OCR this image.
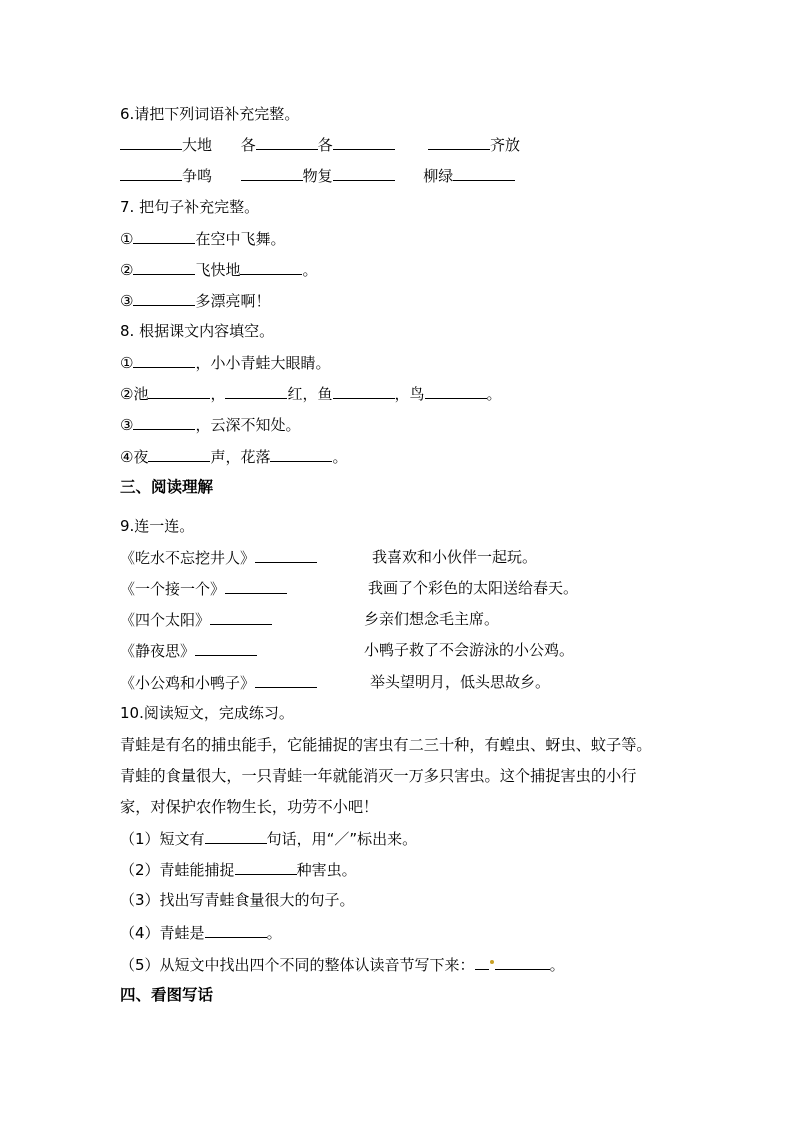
6.请把下列词语补充完整。
大地 各	各	齐放
争鸣	物复	柳绿
7. 把句子补充完整。
①	在空中飞舞。
②	飞快地	。
③	多漂亮啊！
8. 根据课文内容填空。
①	，小小青蛙大眼睛。
②池	，	红，鱼	，鸟	。
③	，云深不知处。
④夜	声，花落	。
三、阅读理解
9.连一连。
《吃水不忘挖井人》	我喜欢和小伙伴一起玩。
《一个接一个》	我画了个彩色的太阳送给春天。
《四个太阳》	乡亲们想念毛主席。
《静夜思》	小鸭子救了不会游泳的小公鸡。
《小公鸡和小鸭子》	举头望明月，低头思故乡。
10.阅读短文，完成练习。
青蛙是有名的捕虫能手，它能捕捉的害虫有二三十种，有蝗虫、蚜虫、蚊子等。
青蛙的食量很大，一只青蛙一年就能消灭一万多只害虫。这个捕捉害虫的小行
家，对保护农作物生长，功劳不小吧！
（1）短文有	句话，用“／”标出来。
（2）青蛙能捕捉	种害虫。
（3）找出写青蛙食量很大的句子。
（4）青蛙是	。
（5）从短文中找出四个不同的整体认读音节写下来：	。
四、看图写话
